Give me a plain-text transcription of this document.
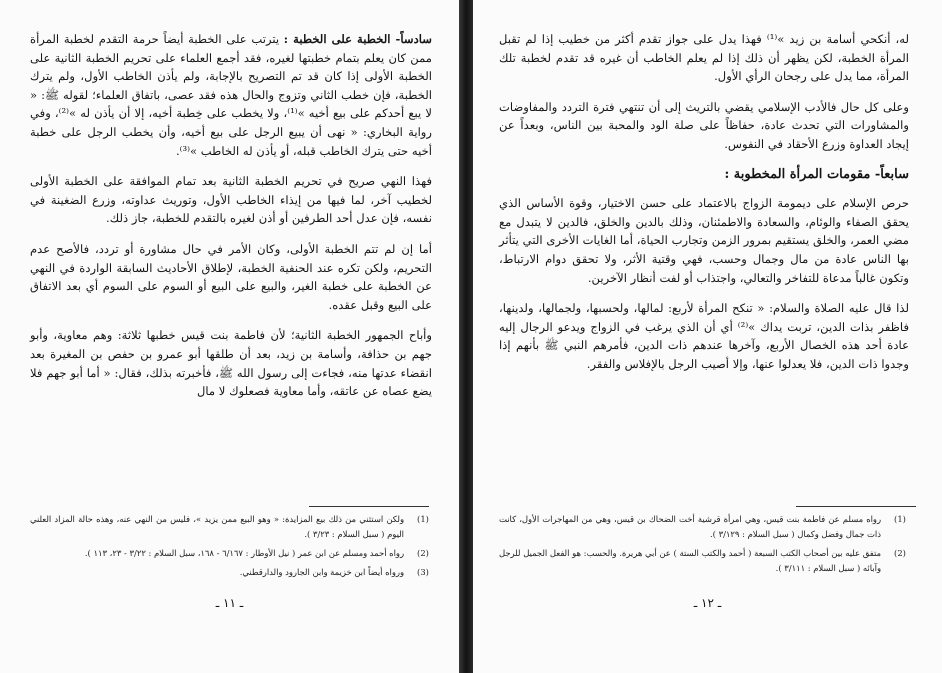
سادساً- الخطبة على الخطبة : يترتب على الخطبة أيضاً حرمة التقدم لخطبة المرأة ممن كان يعلم بتمام خطبتها لغيره، فقد أجمع العلماء على تحريم الخطبة الثانية على الخطبة الأولى إذا كان قد تم التصريح بالإجابة، ولم يأذن الخاطب الأول، ولم يترك الخطبة، فإن خطب الثاني وتزوج والحال هذه فقد عصى، باتفاق العلماء؛ لقوله ﷺ: « لا يبع أحدكم على بيع أخيه »⁽¹⁾، ولا يخطب على خِطبة أخيه، إلا أن يأذن له »⁽²⁾، وفي رواية البخاري: « نهى أن يبيع الرجل على بيع أخيه، وأن يخطب الرجل على خطبة أخيه حتى يترك الخاطب قبله، أو يأذن له الخاطب »⁽³⁾.

فهذا النهي صريح في تحريم الخطبة الثانية بعد تمام الموافقة على الخطبة الأولى لخطيب آخر، لما فيها من إيذاء الخاطب الأول، وتوريث عداوته، وزرع الضغينة في نفسه، فإن عدل أحد الطرفين أو أذن لغيره بالتقدم للخطبة، جاز ذلك.

أما إن لم تتم الخطبة الأولى، وكان الأمر في حال مشاورة أو تردد، فالأصح عدم التحريم، ولكن تكره عند الحنفية الخطبة، لإطلاق الأحاديث السابقة الواردة في النهي عن الخطبة على خطبة الغير، والبيع على البيع أو السوم على السوم أي بعد الاتفاق على البيع وقبل عقده.

وأباح الجمهور الخطبة الثانية؛ لأن فاطمة بنت قيس خطبها ثلاثة: وهم معاوية، وأبو جهم بن حذافة، وأسامة بن زيد، بعد أن طلقها أبو عمرو بن حفص بن المغيرة بعد انقضاء عدتها منه، فجاءت إلى رسول الله ﷺ، فأخبرته بذلك، فقال: « أما أبو جهم فلا يضع عصاه عن عاتقه، وأما معاوية فصعلوك لا مال

(1)
ولكن استثني من ذلك بيع المزايدة: « وهو البيع ممن يزيد »، فليس من النهي عنه، وهذه حالة المزاد العلني اليوم ( سبل السلام : ٣/٢٣ ).
(2)
رواه أحمد ومسلم عن ابن عمر ( نيل الأوطار : ٦/١٦٧ - ١٦٨، سبل السلام : ٣/٢٢ - ٢٣، ١١٣ ).
(3)
ورواه أيضاً ابن خزيمة وابن الجارود والدارقطني.
ـ ١١ ـ

له، أنكحي أسامة بن زيد »⁽¹⁾ فهذا يدل على جواز تقدم أكثر من خطيب إذا لم تقبل المرأة الخطبة، لكن يظهر أن ذلك إذا لم يعلم الخاطب أن غيره قد تقدم لخطبة تلك المرأة، مما يدل على رجحان الرأي الأول.

وعلى كل حال فالأدب الإسلامي يقضي بالتريث إلى أن تنتهي فترة التردد والمفاوضات والمشاورات التي تحدث عادة، حفاظاً على صلة الود والمحبة بين الناس، وبعداً عن إيجاد العداوة وزرع الأحقاد في النفوس.

سابعاً- مقومات المرأة المخطوبة :

حرص الإسلام على ديمومة الزواج بالاعتماد على حسن الاختيار، وقوة الأساس الذي يحقق الصفاء والوئام، والسعادة والاطمئنان، وذلك بالدين والخلق، فالدين لا يتبدل مع مضي العمر، والخلق يستقيم بمرور الزمن وتجارب الحياة، أما الغايات الأخرى التي يتأثر بها الناس عادة من مال وجمال وحسب، فهي وقتية الأثر، ولا تحقق دوام الارتباط، وتكون غالباً مدعاة للتفاخر والتعالي، واجتذاب أو لفت أنظار الآخرين.

لذا قال عليه الصلاة والسلام: « تنكح المرأة لأربع: لمالها، ولحسبها، ولجمالها، ولدينها، فاظفر بذات الدين، تربت يداك »⁽²⁾ أي أن الذي يرغب في الزواج ويدعو الرجال إليه عادة أحد هذه الخصال الأربع، وآخرها عندهم ذات الدين، فأمرهم النبي ﷺ بأنهم إذا وجدوا ذات الدين، فلا يعدلوا عنها، وإلا أصيب الرجل بالإفلاس والفقر.

(1)
رواه مسلم عن فاطمة بنت قيس، وهي امرأة قرشية أخت الضحاك بن قيس، وهي من المهاجرات الأول، كانت ذات جمال وفضل وكمال ( سبل السلام : ٣/١٢٩ ).
(2)
متفق عليه بين أصحاب الكتب السبعة ( أحمد والكتب الستة ) عن أبي هريرة. والحسب: هو الفعل الجميل للرجل وآبائه ( سبل السلام : ٣/١١١ ).
ـ ١٢ ـ
